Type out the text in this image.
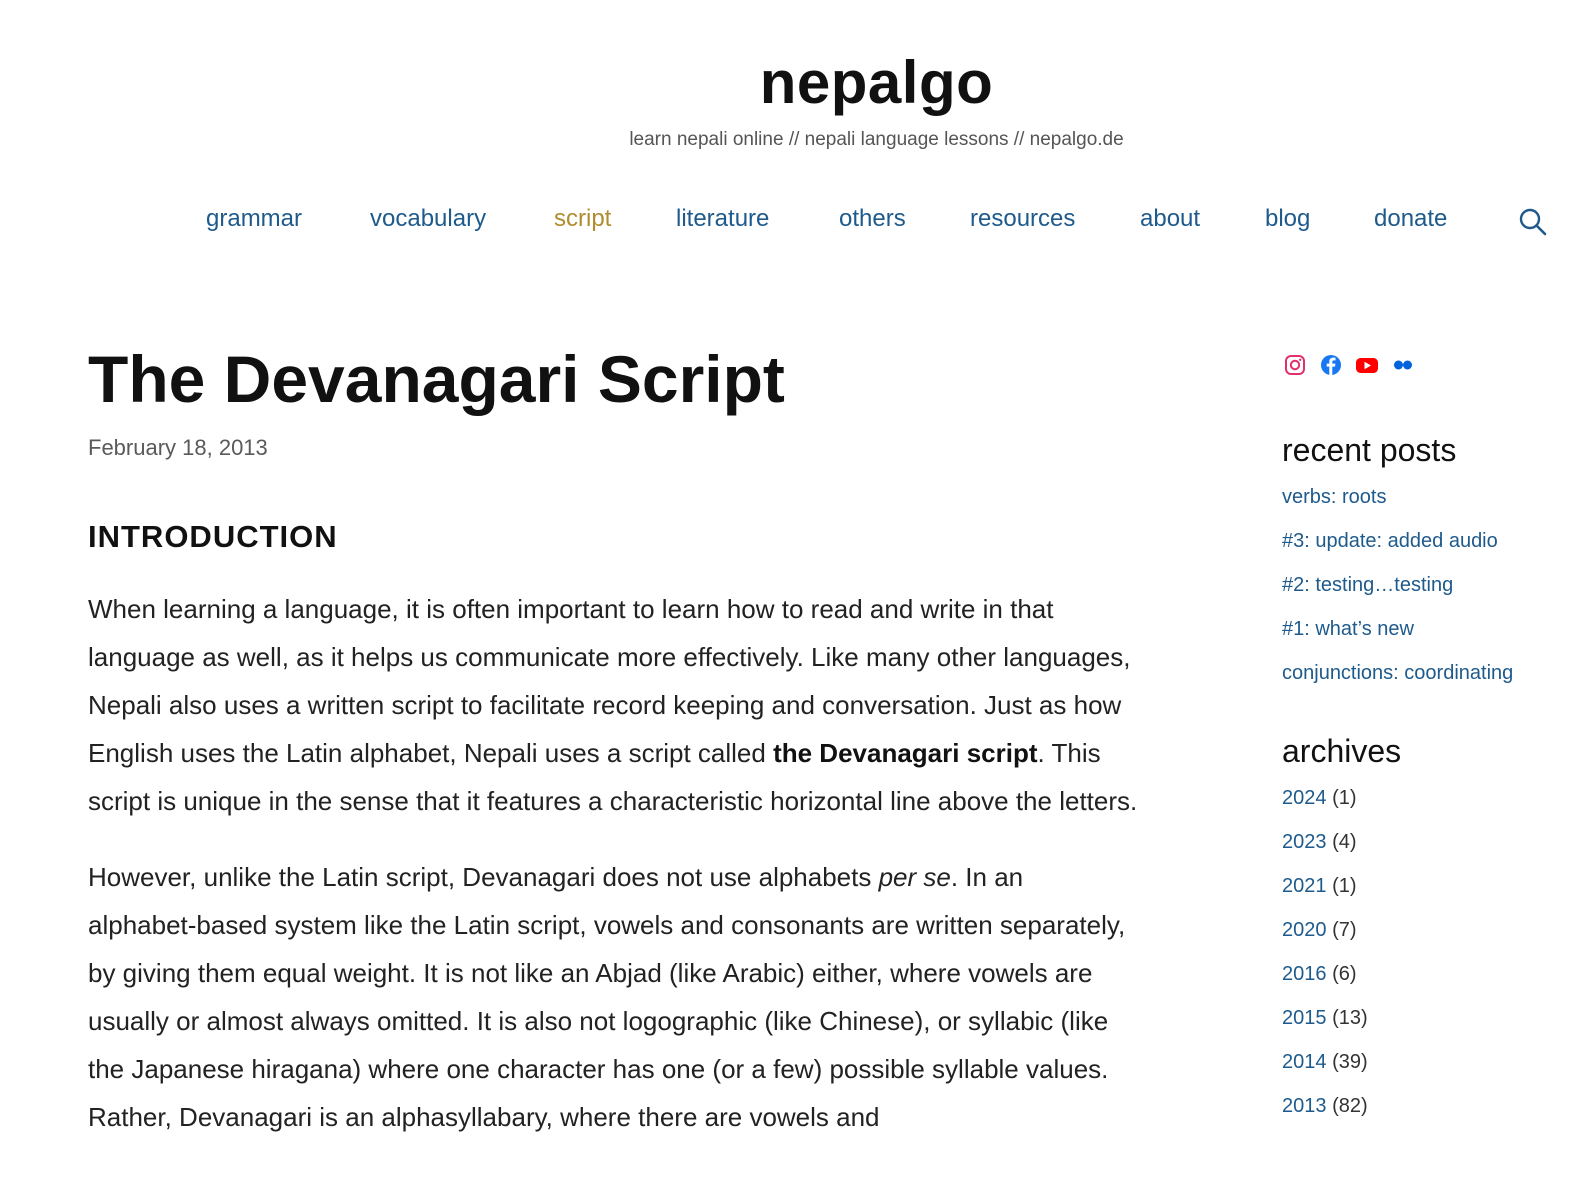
nepalgo
learn nepali online // nepali language lessons // nepalgo.de
grammar	vocabulary	script	literature	others	resources	about	blog	donate
The Devanagari Script
February 18, 2013
INTRODUCTION

When learning a language, it is often important to learn how to read and write in that language as well, as it helps us communicate more effectively. Like many other languages, Nepali also uses a written script to facilitate record keeping and conversation. Just as how English uses the Latin alphabet, Nepali uses a script called the Devanagari script. This script is unique in the sense that it features a characteristic horizontal line above the letters.

However, unlike the Latin script, Devanagari does not use alphabets per se. In an alphabet-based system like the Latin script, vowels and consonants are written separately, by giving them equal weight. It is not like an Abjad (like Arabic) either, where vowels are usually or almost always omitted. It is also not logographic (like Chinese), or syllabic (like the Japanese hiragana) where one character has one (or a few) possible syllable values. Rather, Devanagari is an alphasyllabary, where there are vowels and

recent posts
verbs: roots
#3: update: added audio
#2: testing…testing
#1: what’s new
conjunctions: coordinating
archives
2024 (1)
2023 (4)
2021 (1)
2020 (7)
2016 (6)
2015 (13)
2014 (39)
2013 (82)
